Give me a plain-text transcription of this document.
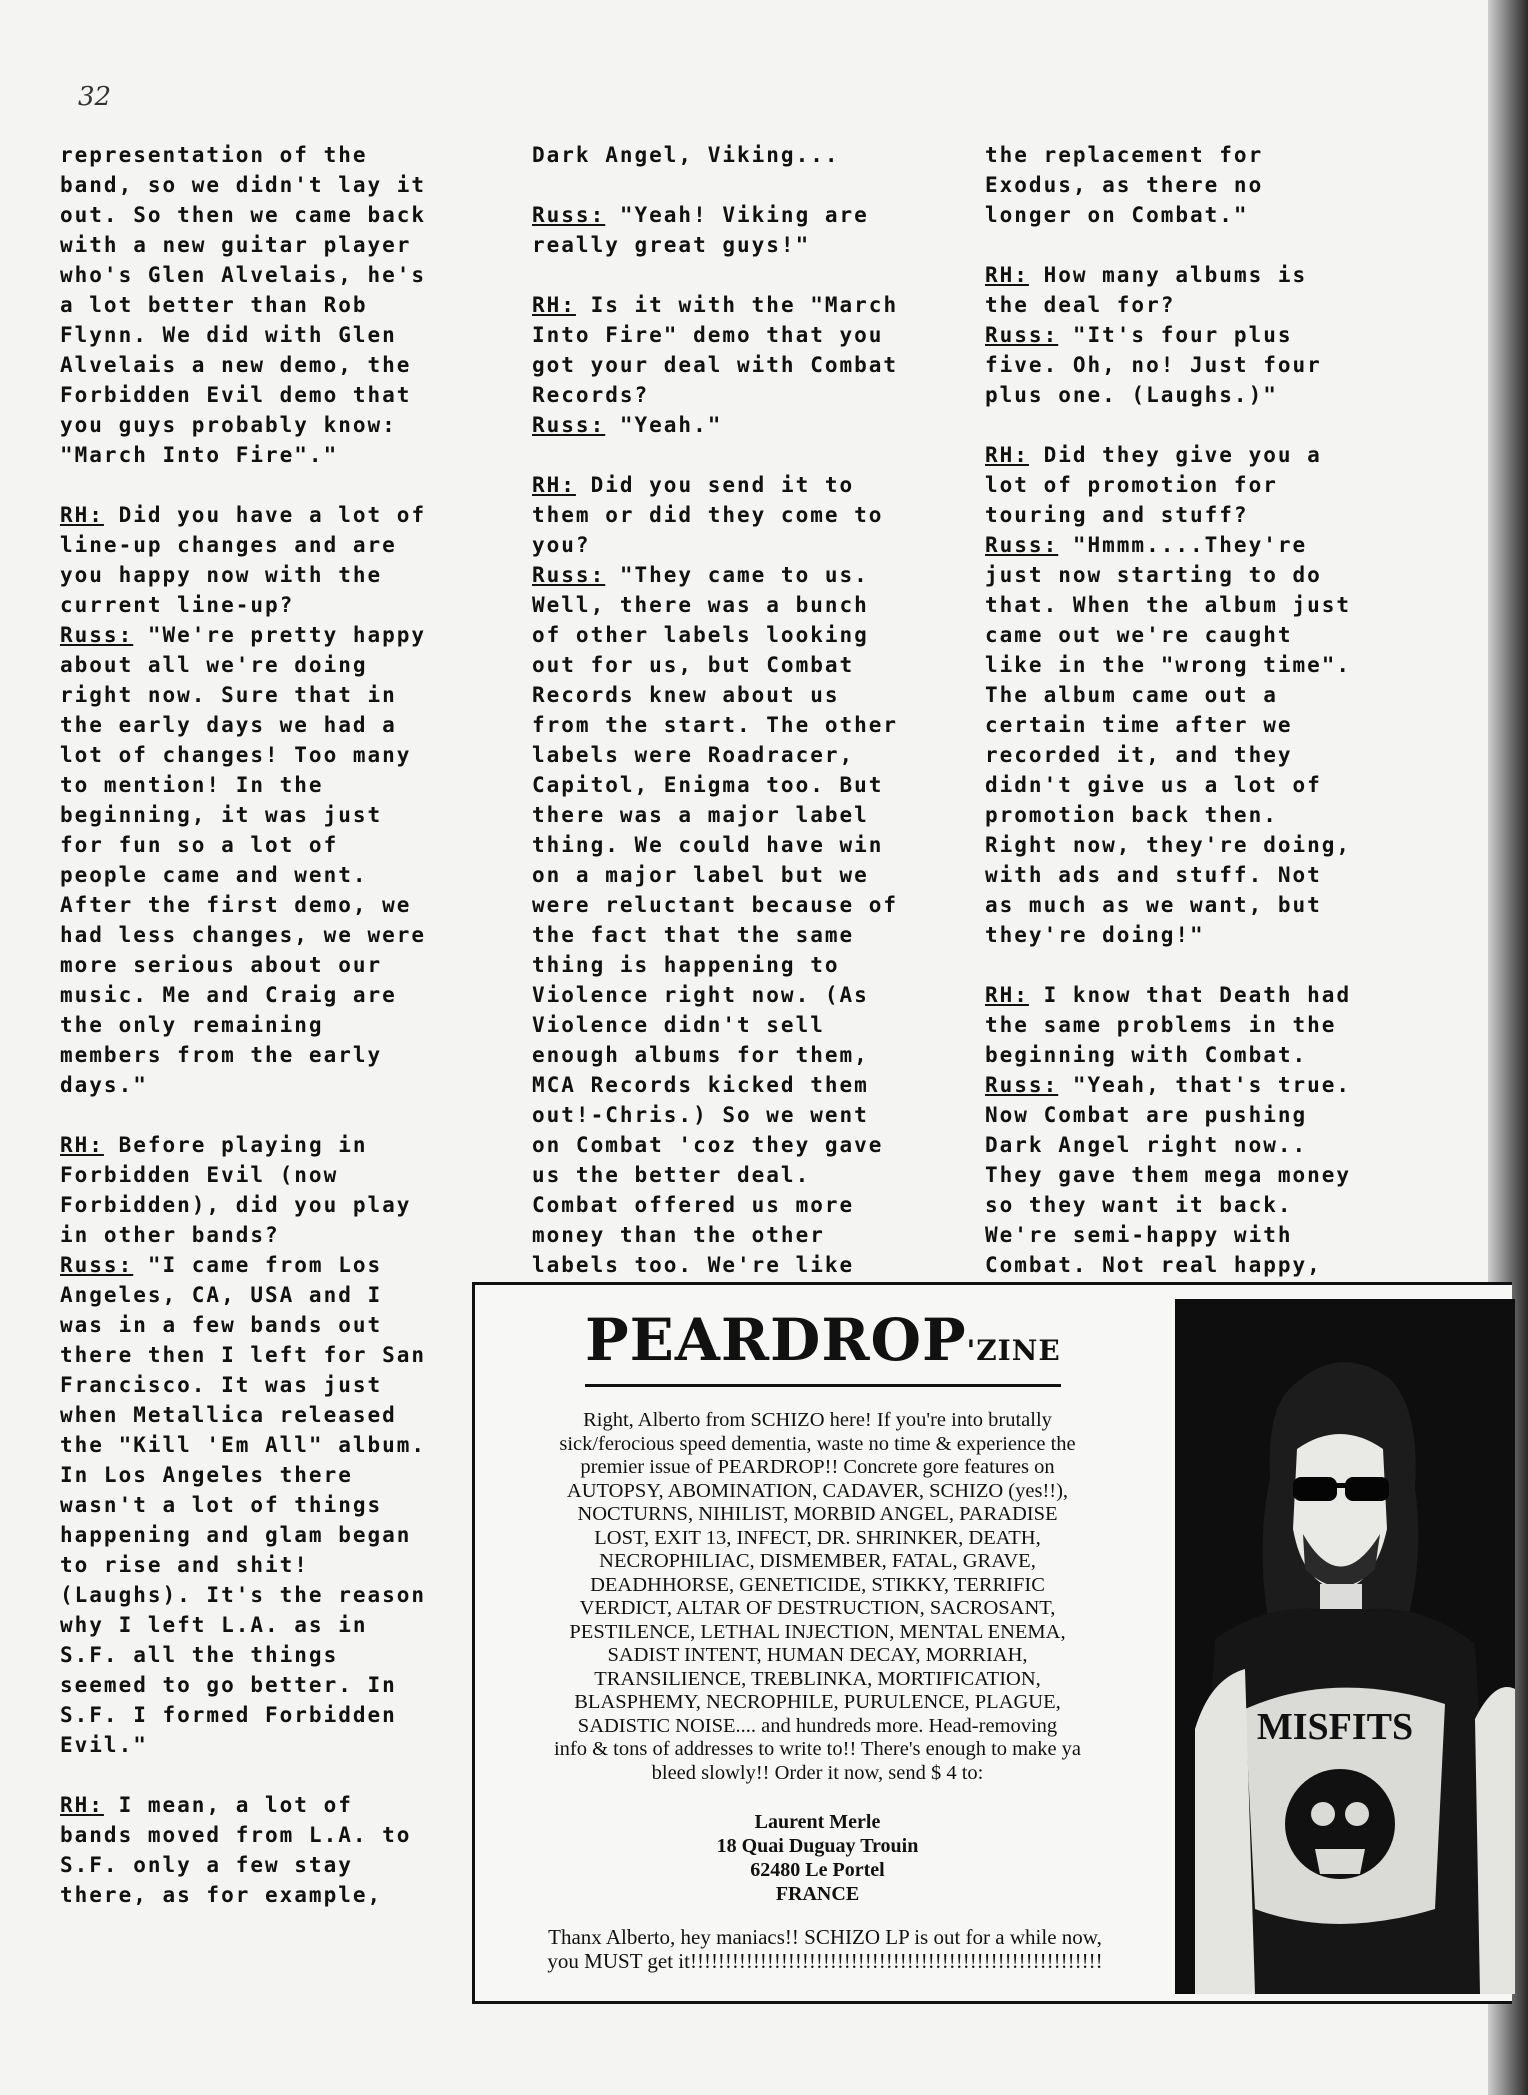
32

representation of the
band, so we didn't lay it
out. So then we came back
with a new guitar player
who's Glen Alvelais, he's
a lot better than Rob
Flynn. We did with Glen
Alvelais a new demo, the
Forbidden Evil demo that
you guys probably know:
"March Into Fire"."

RH: Did you have a lot of
line-up changes and are
you happy now with the
current line-up?
Russ: "We're pretty happy
about all we're doing
right now. Sure that in
the early days we had a
lot of changes! Too many
to mention! In the
beginning, it was just
for fun so a lot of
people came and went.
After the first demo, we
had less changes, we were
more serious about our
music. Me and Craig are
the only remaining
members from the early
days."

RH: Before playing in
Forbidden Evil (now
Forbidden), did you play
in other bands?
Russ: "I came from Los
Angeles, CA, USA and I
was in a few bands out
there then I left for San
Francisco. It was just
when Metallica released
the "Kill 'Em All" album.
In Los Angeles there
wasn't a lot of things
happening and glam began
to rise and shit!
(Laughs). It's the reason
why I left L.A. as in
S.F. all the things
seemed to go better. In
S.F. I formed Forbidden
Evil."

RH: I mean, a lot of
bands moved from L.A. to
S.F. only a few stay
there, as for example,

Dark Angel, Viking...

Russ: "Yeah! Viking are
really great guys!"

RH: Is it with the "March
Into Fire" demo that you
got your deal with Combat
Records?
Russ: "Yeah."

RH: Did you send it to
them or did they come to
you?
Russ: "They came to us.
Well, there was a bunch
of other labels looking
out for us, but Combat
Records knew about us
from the start. The other
labels were Roadracer,
Capitol, Enigma too. But
there was a major label
thing. We could have win
on a major label but we
were reluctant because of
the fact that the same
thing is happening to
Violence right now. (As
Violence didn't sell
enough albums for them,
MCA Records kicked them
out!-Chris.) So we went
on Combat 'coz they gave
us the better deal.
Combat offered us more
money than the other
labels too. We're like

the replacement for
Exodus, as there no
longer on Combat."

RH: How many albums is
the deal for?
Russ: "It's four plus
five. Oh, no! Just four
plus one. (Laughs.)"

RH: Did they give you a
lot of promotion for
touring and stuff?
Russ: "Hmmm....They're
just now starting to do
that. When the album just
came out we're caught
like in the "wrong time".
The album came out a
certain time after we
recorded it, and they
didn't give us a lot of
promotion back then.
Right now, they're doing,
with ads and stuff. Not
as much as we want, but
they're doing!"

RH: I know that Death had
the same problems in the
beginning with Combat.
Russ: "Yeah, that's true.
Now Combat are pushing
Dark Angel right now..
They gave them mega money
so they want it back.
We're semi-happy with
Combat. Not real happy,

PEARDROP'ZINE
Right, Alberto from SCHIZO here! If you're into brutally
sick/ferocious speed dementia, waste no time & experience the
premier issue of PEARDROP!! Concrete gore features on
AUTOPSY, ABOMINATION, CADAVER, SCHIZO (yes!!),
NOCTURNS, NIHILIST, MORBID ANGEL, PARADISE
LOST, EXIT 13, INFECT, DR. SHRINKER, DEATH,
NECROPHILIAC, DISMEMBER, FATAL, GRAVE,
DEADHHORSE, GENETICIDE, STIKKY, TERRIFIC
VERDICT, ALTAR OF DESTRUCTION, SACROSANT,
PESTILENCE, LETHAL INJECTION, MENTAL ENEMA,
SADIST INTENT, HUMAN DECAY, MORRIAH,
TRANSILIENCE, TREBLINKA, MORTIFICATION,
BLASPHEMY, NECROPHILE, PURULENCE, PLAGUE,
SADISTIC NOISE.... and hundreds more. Head-removing
info & tons of addresses to write to!! There's enough to make ya
bleed slowly!! Order it now, send $ 4 to:
Laurent Merle
18 Quai Duguay Trouin
62480 Le Portel
FRANCE
Thanx Alberto, hey maniacs!! SCHIZO LP is out for a while now,
you MUST get it!!!!!!!!!!!!!!!!!!!!!!!!!!!!!!!!!!!!!!!!!!!!!!!!!!!!!!!!!!!
MISFITS
